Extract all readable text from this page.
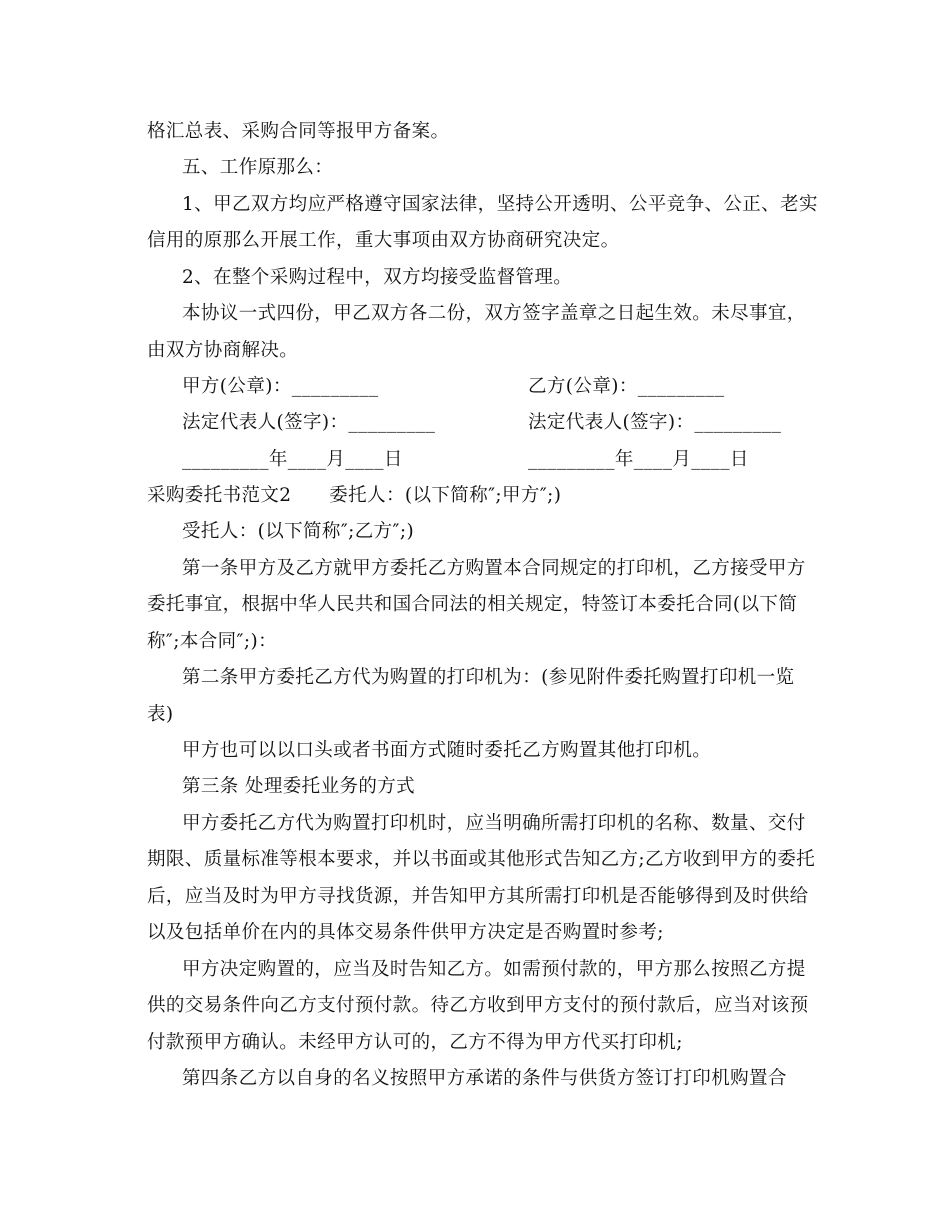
格汇总表、采购合同等报甲方备案。
五、工作原那么：
1、甲乙双方均应严格遵守国家法律，坚持公开透明、公平竞争、公正、老实
信用的原那么开展工作，重大事项由双方协商研究决定。
2、在整个采购过程中，双方均接受监督管理。
本协议一式四份，甲乙双方各二份，双方签字盖章之日起生效。未尽事宜，
由双方协商解决。
甲方(公章)：_________	乙方(公章)：_________
法定代表人(签字)：_________	法定代表人(签字)：_________
_________年____月____日	_________年____月____日
采购委托书范文2　　委托人：(以下简称″;甲方″;)
受托人：(以下简称″;乙方″;)
第一条甲方及乙方就甲方委托乙方购置本合同规定的打印机，乙方接受甲方
委托事宜，根据中华人民共和国合同法的相关规定，特签订本委托合同(以下简
称″;本合同″;)：
第二条甲方委托乙方代为购置的打印机为：(参见附件委托购置打印机一览
表)
甲方也可以以口头或者书面方式随时委托乙方购置其他打印机。
第三条 处理委托业务的方式
甲方委托乙方代为购置打印机时，应当明确所需打印机的名称、数量、交付
期限、质量标准等根本要求，并以书面或其他形式告知乙方;乙方收到甲方的委托
后，应当及时为甲方寻找货源，并告知甲方其所需打印机是否能够得到及时供给
以及包括单价在内的具体交易条件供甲方决定是否购置时参考;
甲方决定购置的，应当及时告知乙方。如需预付款的，甲方那么按照乙方提
供的交易条件向乙方支付预付款。待乙方收到甲方支付的预付款后，应当对该预
付款预甲方确认。未经甲方认可的，乙方不得为甲方代买打印机;
第四条乙方以自身的名义按照甲方承诺的条件与供货方签订打印机购置合
